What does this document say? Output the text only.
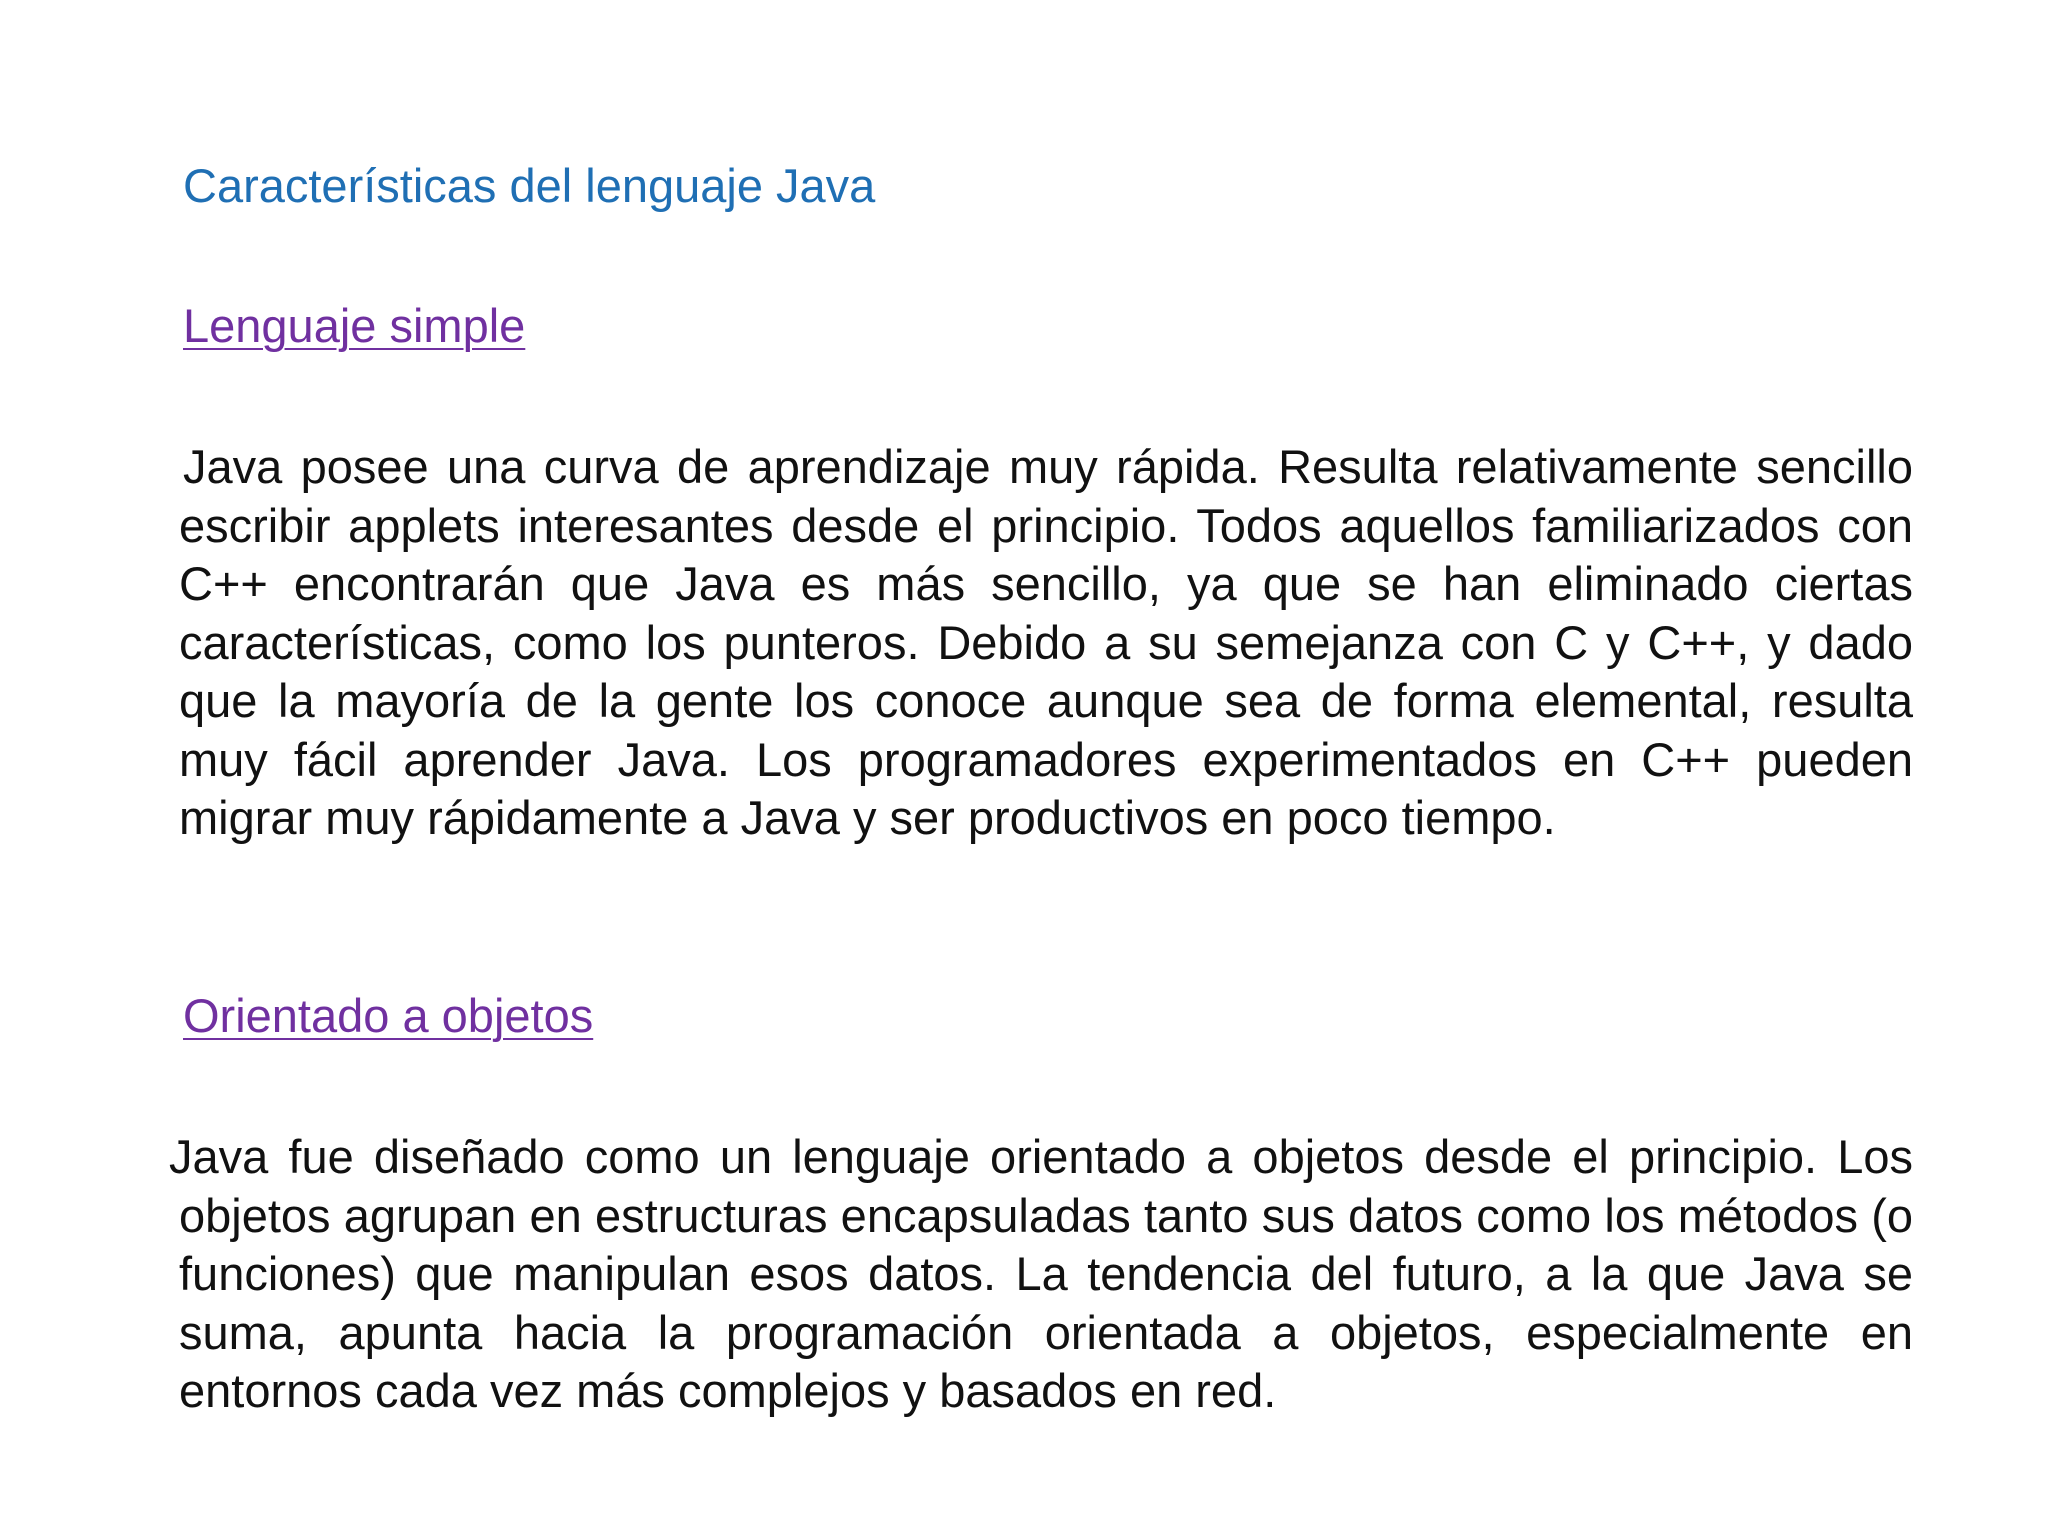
Características del lenguaje Java
Lenguaje simple

Java posee una curva de aprendizaje muy rápida. Resulta relativamente sencillo escribir applets interesantes desde el principio. Todos aquellos familiarizados con C++ encontrarán que Java es más sencillo, ya que se han eliminado ciertas características, como los punteros. Debido a su semejanza con C y C++, y dado que la mayoría de la gente los conoce aunque sea de forma elemental, resulta muy fácil aprender Java. Los programadores experimentados en C++ pueden migrar muy rápidamente a Java y ser productivos en poco tiempo.

Orientado a objetos

Java fue diseñado como un lenguaje orientado a objetos desde el principio. Los objetos agrupan en estructuras encapsuladas tanto sus datos como los métodos (o funciones) que manipulan esos datos. La tendencia del futuro, a la que Java se suma, apunta hacia la programación orientada a objetos, especialmente en entornos cada vez más complejos y basados en red.
